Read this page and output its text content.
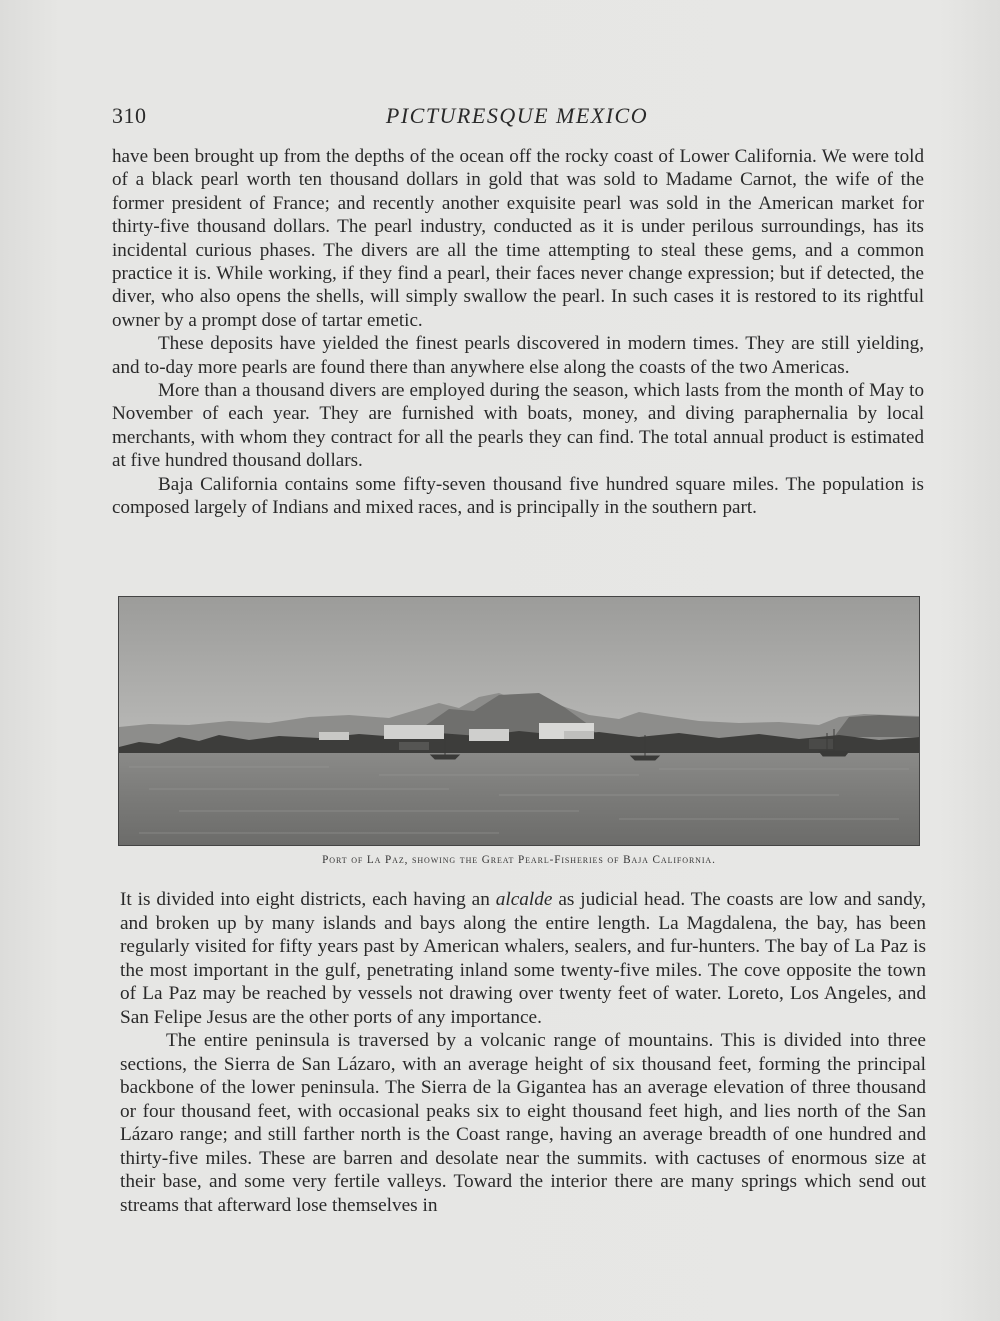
310	PICTURESQUE MEXICO

have been brought up from the depths of the ocean off the rocky coast of Lower California. We were told of a black pearl worth ten thousand dollars in gold that was sold to Madame Carnot, the wife of the former president of France; and recently another exquisite pearl was sold in the American market for thirty-five thousand dollars. The pearl industry, conducted as it is under perilous surroundings, has its incidental curious phases. The divers are all the time attempting to steal these gems, and a common practice it is. While working, if they find a pearl, their faces never change expression; but if detected, the diver, who also opens the shells, will simply swallow the pearl. In such cases it is restored to its rightful owner by a prompt dose of tartar emetic.

These deposits have yielded the finest pearls discovered in modern times. They are still yielding, and to-day more pearls are found there than anywhere else along the coasts of the two Americas.

More than a thousand divers are employed during the season, which lasts from the month of May to November of each year. They are furnished with boats, money, and diving paraphernalia by local merchants, with whom they contract for all the pearls they can find. The total annual product is estimated at five hundred thousand dollars.

Baja California contains some fifty-seven thousand five hundred square miles. The population is composed largely of Indians and mixed races, and is principally in the southern part.

Port of La Paz, showing the Great Pearl-Fisheries of Baja California.

It is divided into eight districts, each having an alcalde as judicial head. The coasts are low and sandy, and broken up by many islands and bays along the entire length. La Magdalena, the bay, has been regularly visited for fifty years past by American whalers, sealers, and fur-hunters. The bay of La Paz is the most important in the gulf, penetrating inland some twenty-five miles. The cove opposite the town of La Paz may be reached by vessels not drawing over twenty feet of water. Loreto, Los Angeles, and San Felipe Jesus are the other ports of any importance.

The entire peninsula is traversed by a volcanic range of mountains. This is divided into three sections, the Sierra de San Lázaro, with an average height of six thousand feet, forming the principal backbone of the lower peninsula. The Sierra de la Gigantea has an average elevation of three thousand or four thousand feet, with occasional peaks six to eight thousand feet high, and lies north of the San Lázaro range; and still farther north is the Coast range, having an average breadth of one hundred and thirty-five miles. These are barren and desolate near the summits. with cactuses of enormous size at their base, and some very fertile valleys. Toward the interior there are many springs which send out streams that afterward lose themselves in
